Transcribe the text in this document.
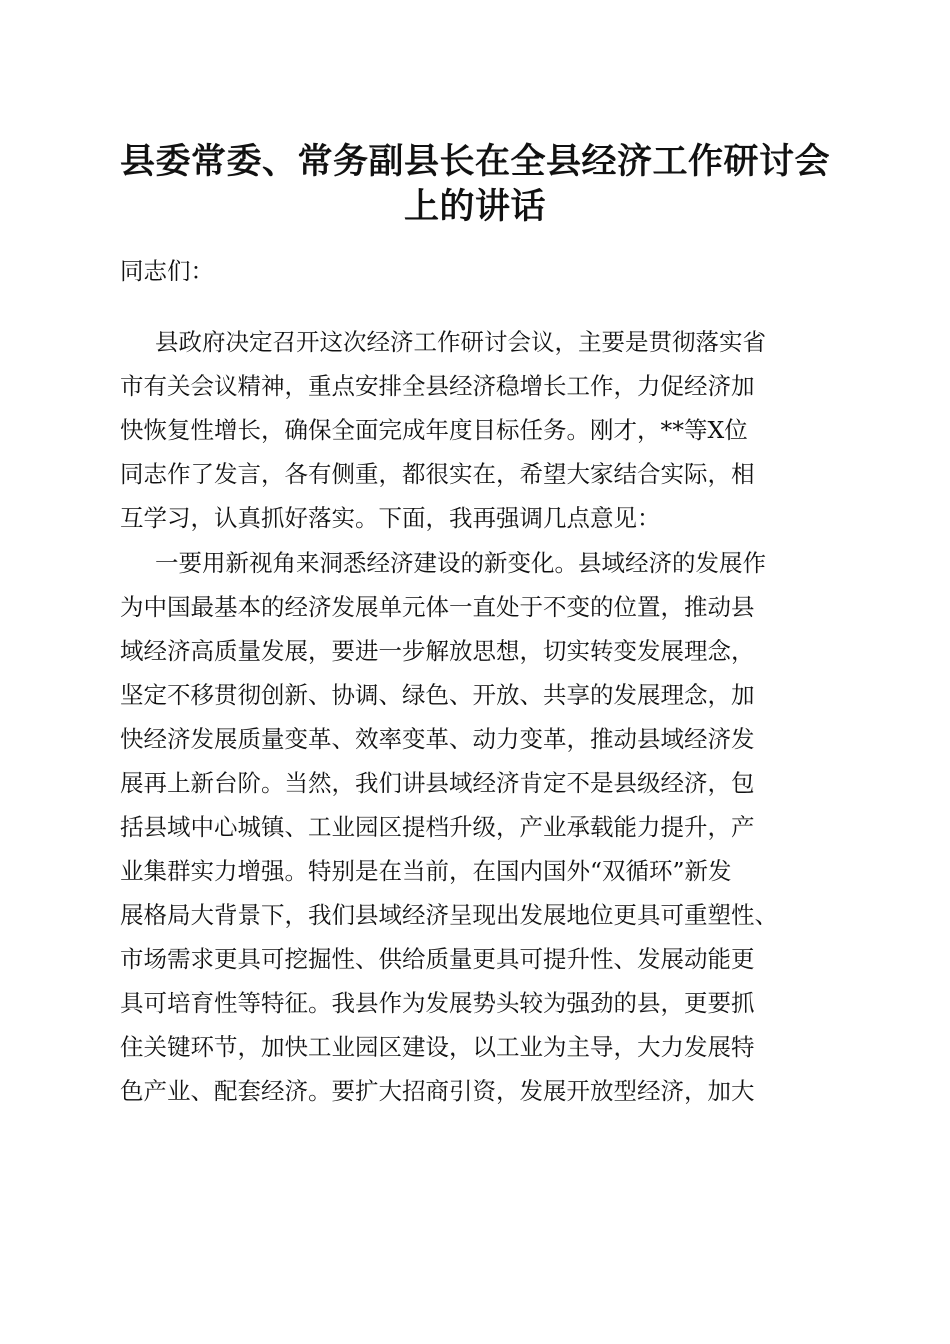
县委常委、常务副县长在全县经济工作研讨会
上的讲话

同志们：

县政府决定召开这次经济工作研讨会议，主要是贯彻落实省

市有关会议精神，重点安排全县经济稳增长工作，力促经济加

快恢复性增长，确保全面完成年度目标任务。刚才，**等X位

同志作了发言，各有侧重，都很实在，希望大家结合实际，相

互学习，认真抓好落实。下面，我再强调几点意见：

一要用新视角来洞悉经济建设的新变化。县域经济的发展作

为中国最基本的经济发展单元体一直处于不变的位置，推动县

域经济高质量发展，要进一步解放思想，切实转变发展理念，

坚定不移贯彻创新、协调、绿色、开放、共享的发展理念，加

快经济发展质量变革、效率变革、动力变革，推动县域经济发

展再上新台阶。当然，我们讲县域经济肯定不是县级经济，包

括县域中心城镇、工业园区提档升级，产业承载能力提升，产

业集群实力增强。特别是在当前，在国内国外“双循环”新发

展格局大背景下，我们县域经济呈现出发展地位更具可重塑性、

市场需求更具可挖掘性、供给质量更具可提升性、发展动能更

具可培育性等特征。我县作为发展势头较为强劲的县，更要抓

住关键环节，加快工业园区建设，以工业为主导，大力发展特

色产业、配套经济。要扩大招商引资，发展开放型经济，加大
